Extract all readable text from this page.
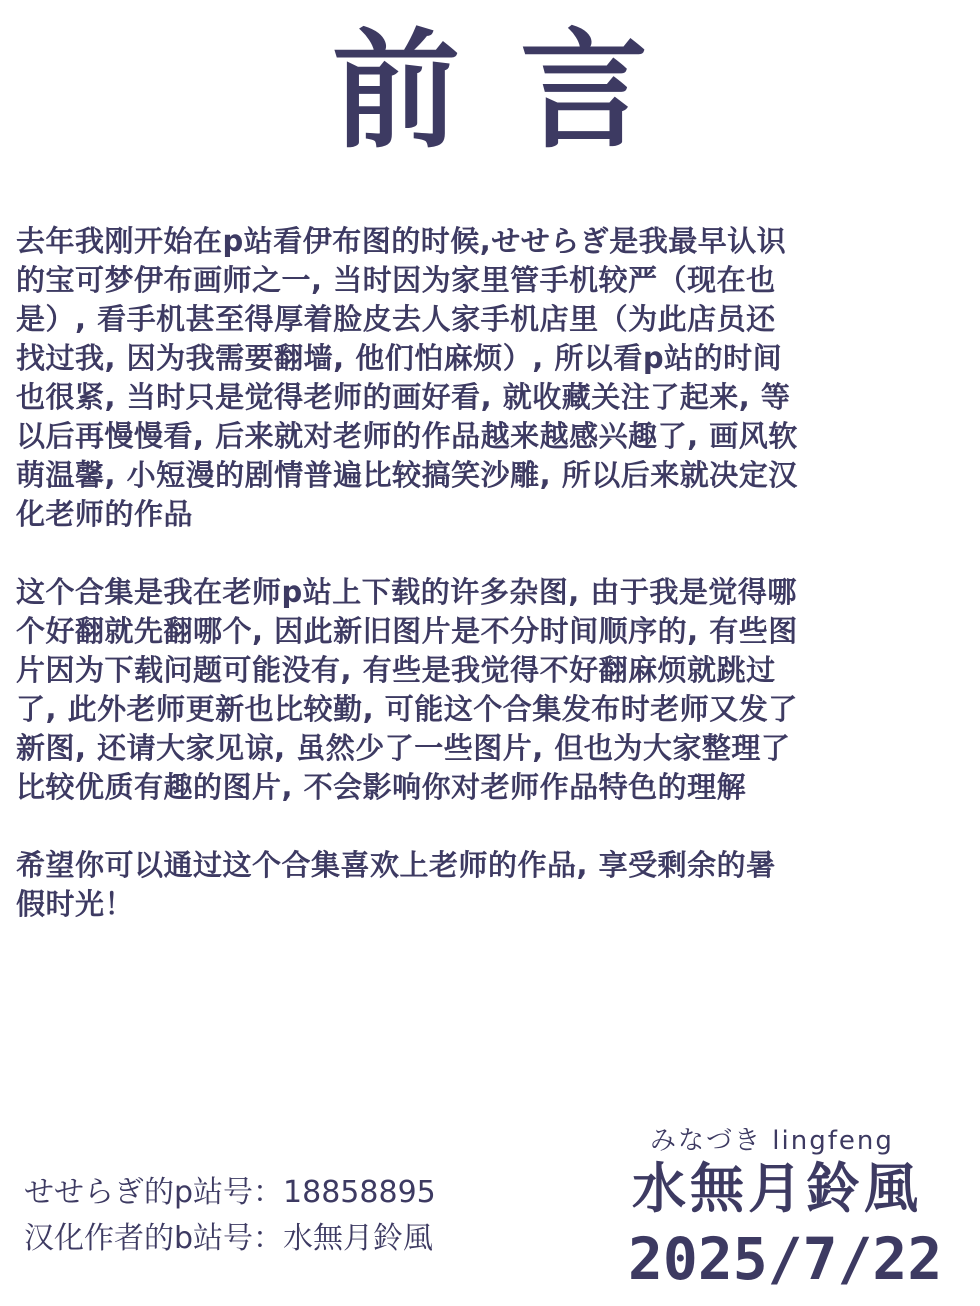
前言
去年我刚开始在p站看伊布图的时候,せせらぎ是我最早认识
的宝可梦伊布画师之一, 当时因为家里管手机较严（现在也
是）, 看手机甚至得厚着脸皮去人家手机店里（为此店员还
找过我, 因为我需要翻墙, 他们怕麻烦）, 所以看p站的时间
也很紧, 当时只是觉得老师的画好看, 就收藏关注了起来, 等
以后再慢慢看, 后来就对老师的作品越来越感兴趣了, 画风软
萌温馨, 小短漫的剧情普遍比较搞笑沙雕, 所以后来就决定汉
化老师的作品
这个合集是我在老师p站上下载的许多杂图, 由于我是觉得哪
个好翻就先翻哪个, 因此新旧图片是不分时间顺序的, 有些图
片因为下载问题可能没有, 有些是我觉得不好翻麻烦就跳过
了, 此外老师更新也比较勤, 可能这个合集发布时老师又发了
新图, 还请大家见谅, 虽然少了一些图片, 但也为大家整理了
比较优质有趣的图片, 不会影响你对老师作品特色的理解
希望你可以通过这个合集喜欢上老师的作品, 享受剩余的暑
假时光！
せせらぎ的p站号：18858895
汉化作者的b站号：水無月鈴風
みなづき lingfeng
水無月鈴風
2025/7/22
